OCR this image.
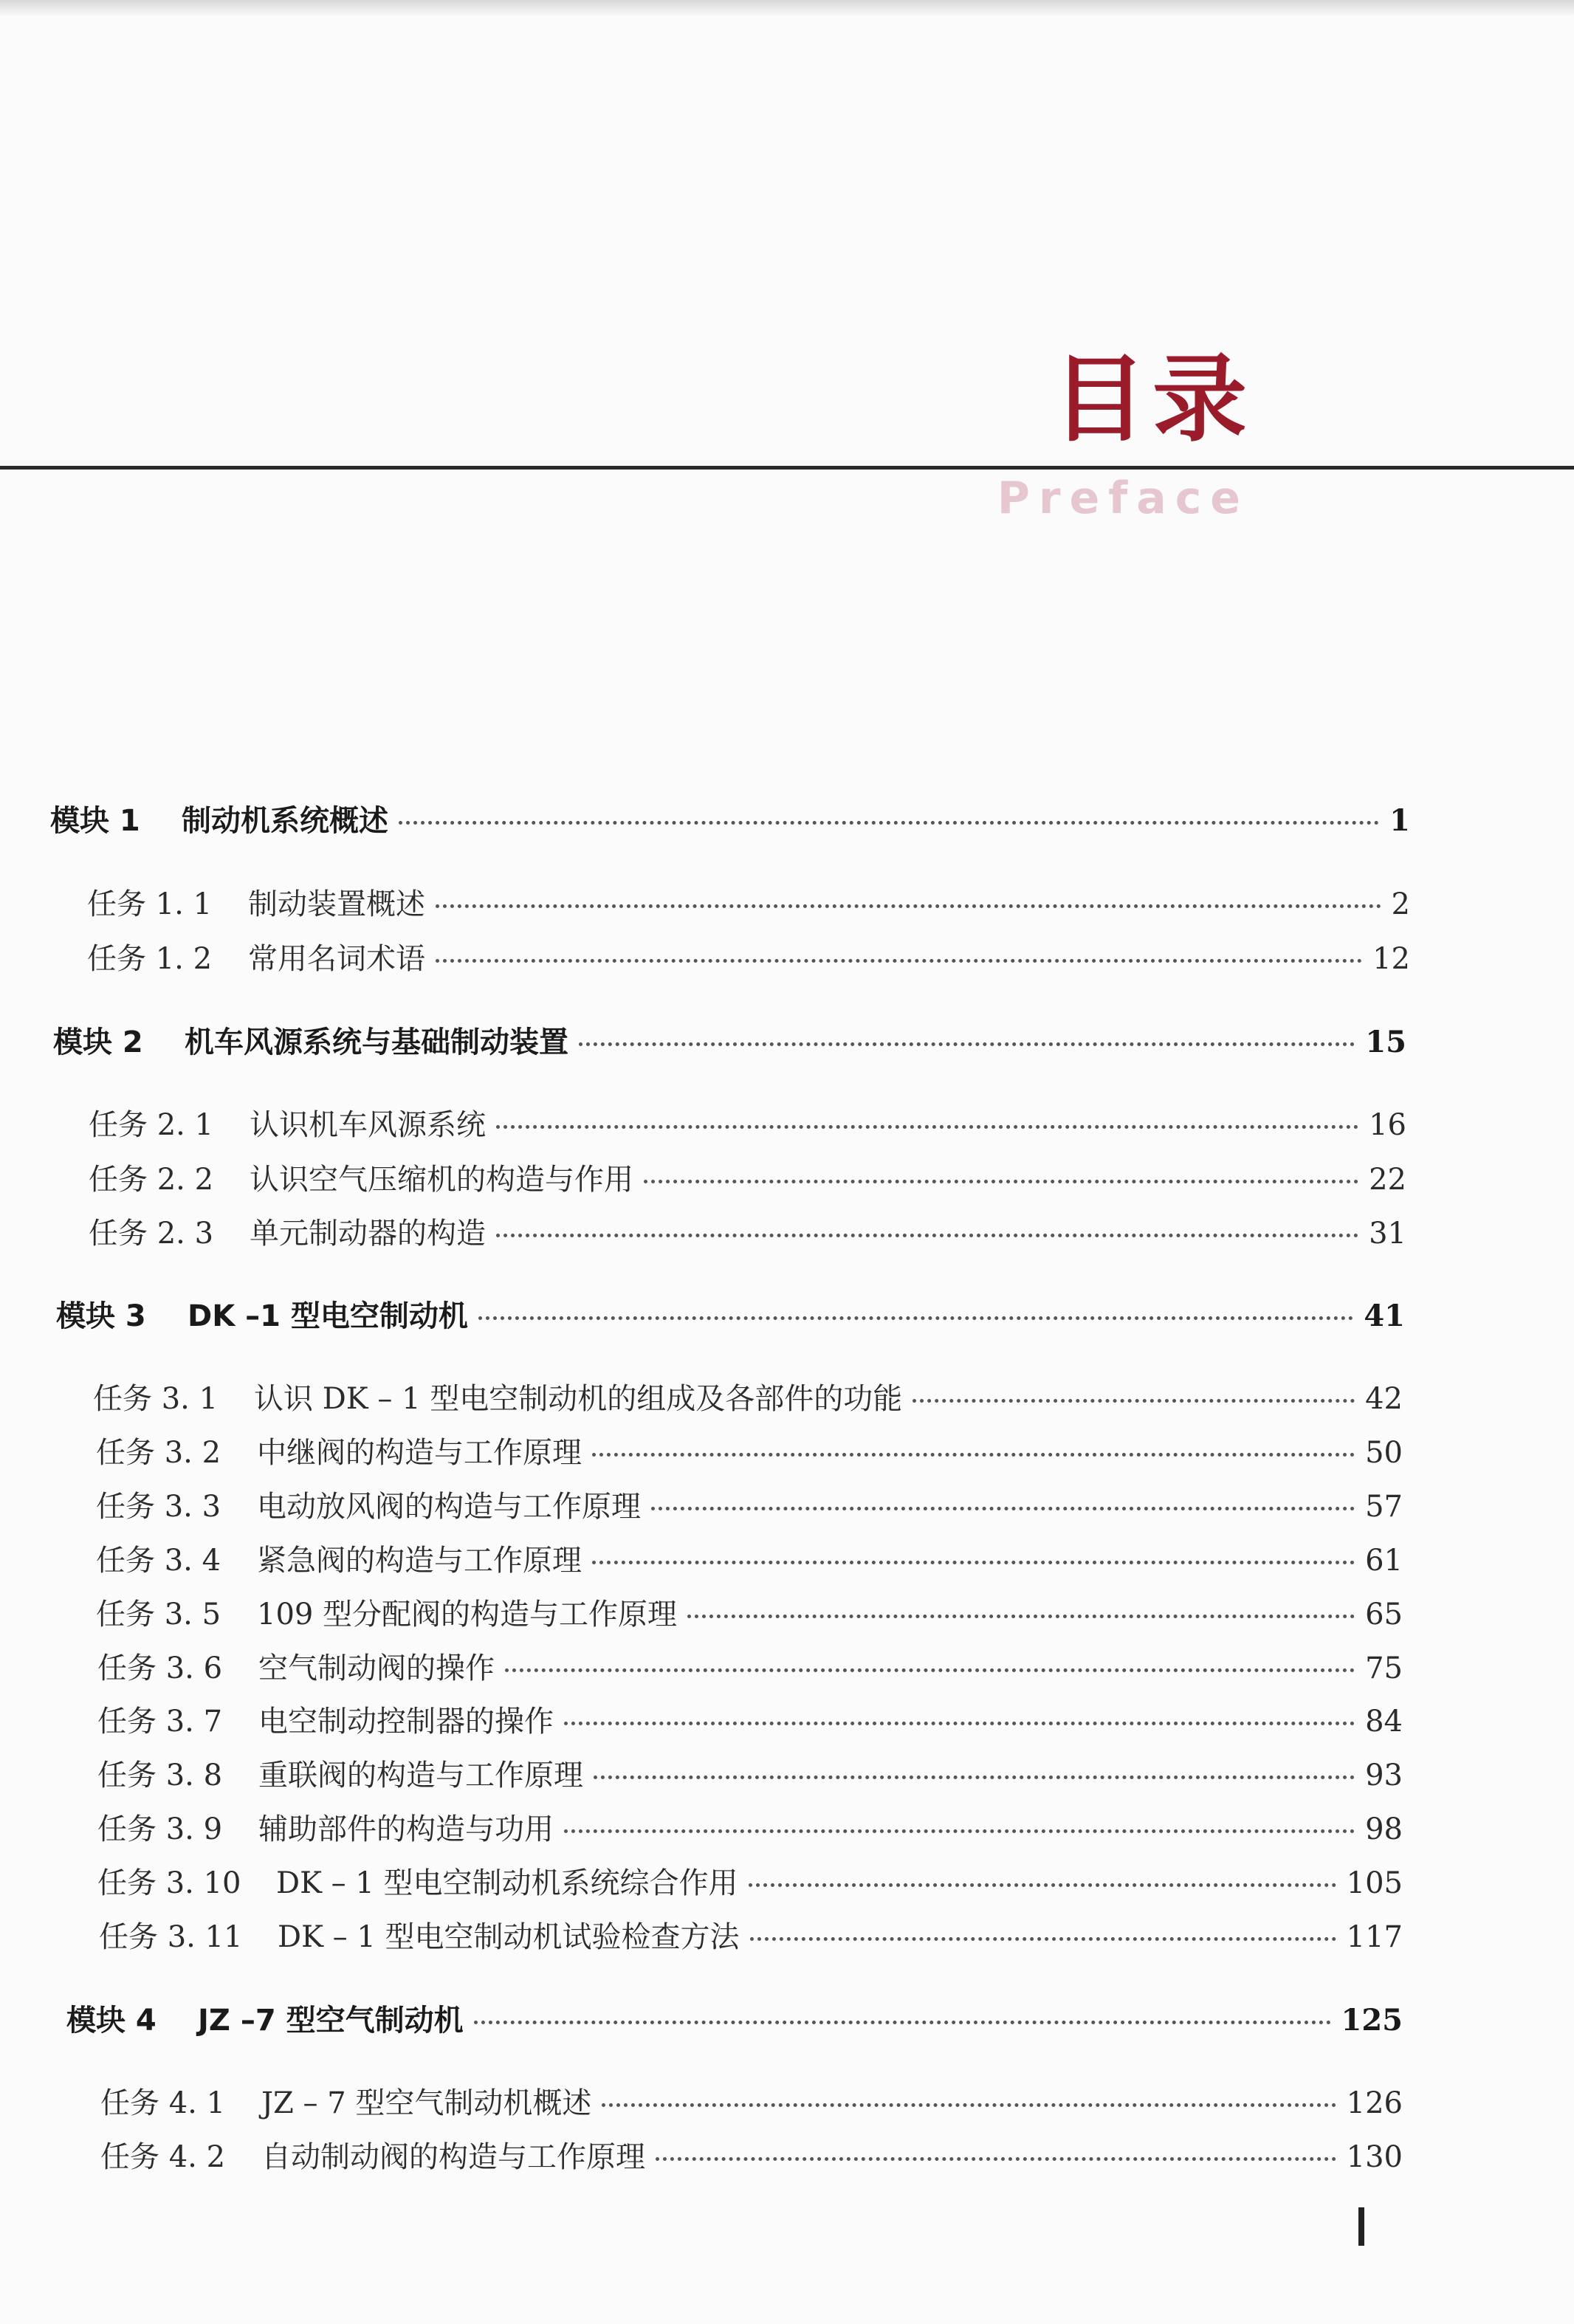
目录
Preface
模块 1	制动机系统概述	1
任务 1. 1	制动装置概述	2
任务 1. 2	常用名词术语	12
模块 2	机车风源系统与基础制动装置	15
任务 2. 1	认识机车风源系统	16
任务 2. 2	认识空气压缩机的构造与作用	22
任务 2. 3	单元制动器的构造	31
模块 3	DK –1 型电空制动机	41
任务 3. 1	认识 DK – 1 型电空制动机的组成及各部件的功能	42
任务 3. 2	中继阀的构造与工作原理	50
任务 3. 3	电动放风阀的构造与工作原理	57
任务 3. 4	紧急阀的构造与工作原理	61
任务 3. 5	109 型分配阀的构造与工作原理	65
任务 3. 6	空气制动阀的操作	75
任务 3. 7	电空制动控制器的操作	84
任务 3. 8	重联阀的构造与工作原理	93
任务 3. 9	辅助部件的构造与功用	98
任务 3. 10	DK – 1 型电空制动机系统综合作用	105
任务 3. 11	DK – 1 型电空制动机试验检查方法	117
模块 4	JZ –7 型空气制动机	125
任务 4. 1	JZ – 7 型空气制动机概述	126
任务 4. 2	自动制动阀的构造与工作原理	130
